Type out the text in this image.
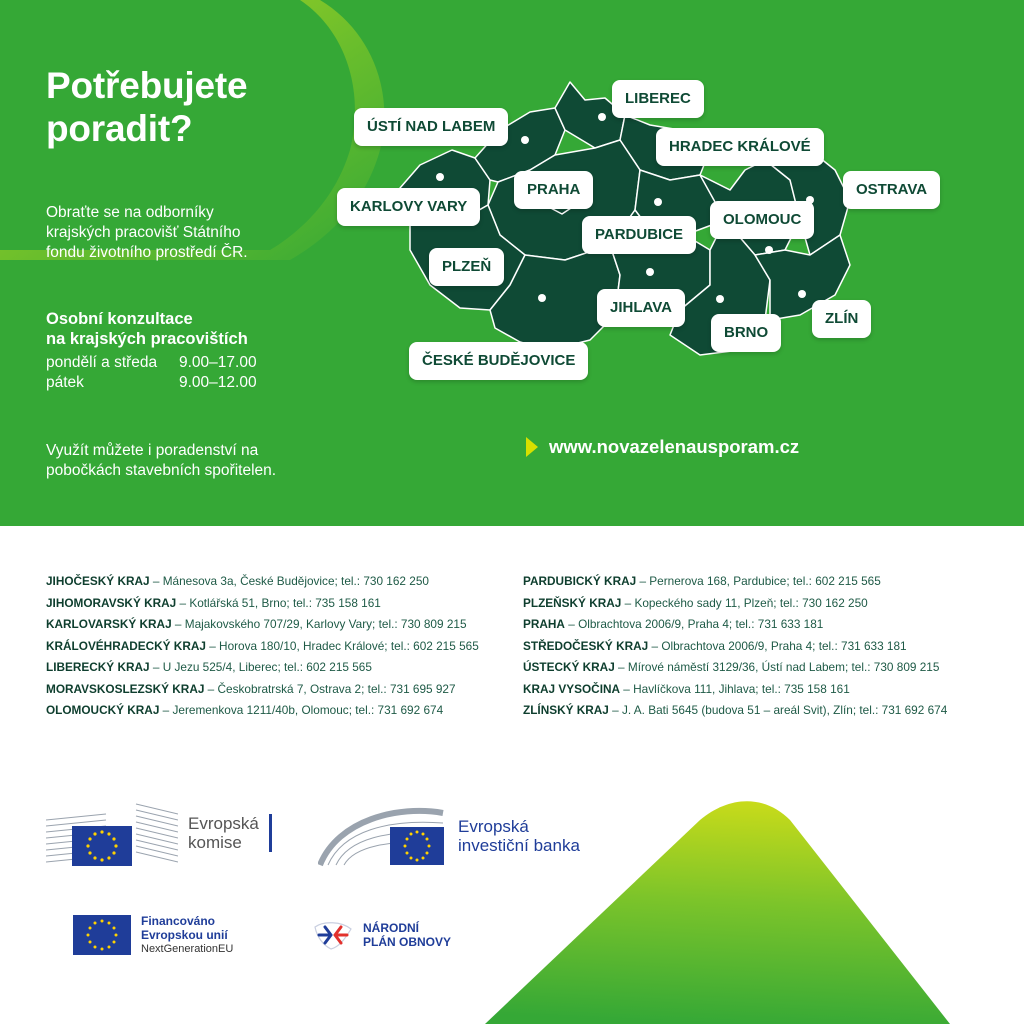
Potřebujete
poradit?
Obraťte se na odborníky
krajských pracovišť Státního
fondu životního prostředí ČR.
Osobní konzultace
na krajských pracovištích
pondělí a středa	9.00–17.00
pátek	9.00–12.00
Využít můžete i poradenství na
pobočkách stavebních spořitelen.
www.novazelenausporam.cz
LIBEREC
ÚSTÍ NAD LABEM
HRADEC KRÁLOVÉ
OSTRAVA
KARLOVY VARY
PRAHA
OLOMOUC
PARDUBICE
PLZEŇ
JIHLAVA
ZLÍN
BRNO
ČESKÉ BUDĚJOVICE
JIHOČESKÝ KRAJ – Mánesova 3a, České Budějovice; tel.: 730 162 250
JIHOMORAVSKÝ KRAJ – Kotlářská 51, Brno; tel.: 735 158 161
KARLOVARSKÝ KRAJ – Majakovského 707/29, Karlovy Vary; tel.: 730 809 215
KRÁLOVÉHRADECKÝ KRAJ – Horova 180/10, Hradec Králové; tel.: 602 215 565
LIBERECKÝ KRAJ – U Jezu 525/4, Liberec; tel.: 602 215 565
MORAVSKOSLEZSKÝ KRAJ – Českobratrská 7, Ostrava 2; tel.: 731 695 927
OLOMOUCKÝ KRAJ – Jeremenkova 1211/40b, Olomouc; tel.: 731 692 674
PARDUBICKÝ KRAJ – Pernerova 168, Pardubice; tel.: 602 215 565
PLZEŇSKÝ KRAJ – Kopeckého sady 11, Plzeň; tel.: 730 162 250
PRAHA – Olbrachtova 2006/9, Praha 4; tel.: 731 633 181
STŘEDOČESKÝ KRAJ – Olbrachtova 2006/9, Praha 4; tel.: 731 633 181
ÚSTECKÝ KRAJ – Mírové náměstí 3129/36, Ústí nad Labem; tel.: 730 809 215
KRAJ VYSOČINA – Havlíčkova 111, Jihlava; tel.: 735 158 161
ZLÍNSKÝ KRAJ – J. A. Bati 5645 (budova 51 – areál Svit), Zlín; tel.: 731 692 674
Evropská
komise
Evropská
investiční banka
Financováno
Evropskou unií
NextGenerationEU
NÁRODNÍ
PLÁN OBNOVY
